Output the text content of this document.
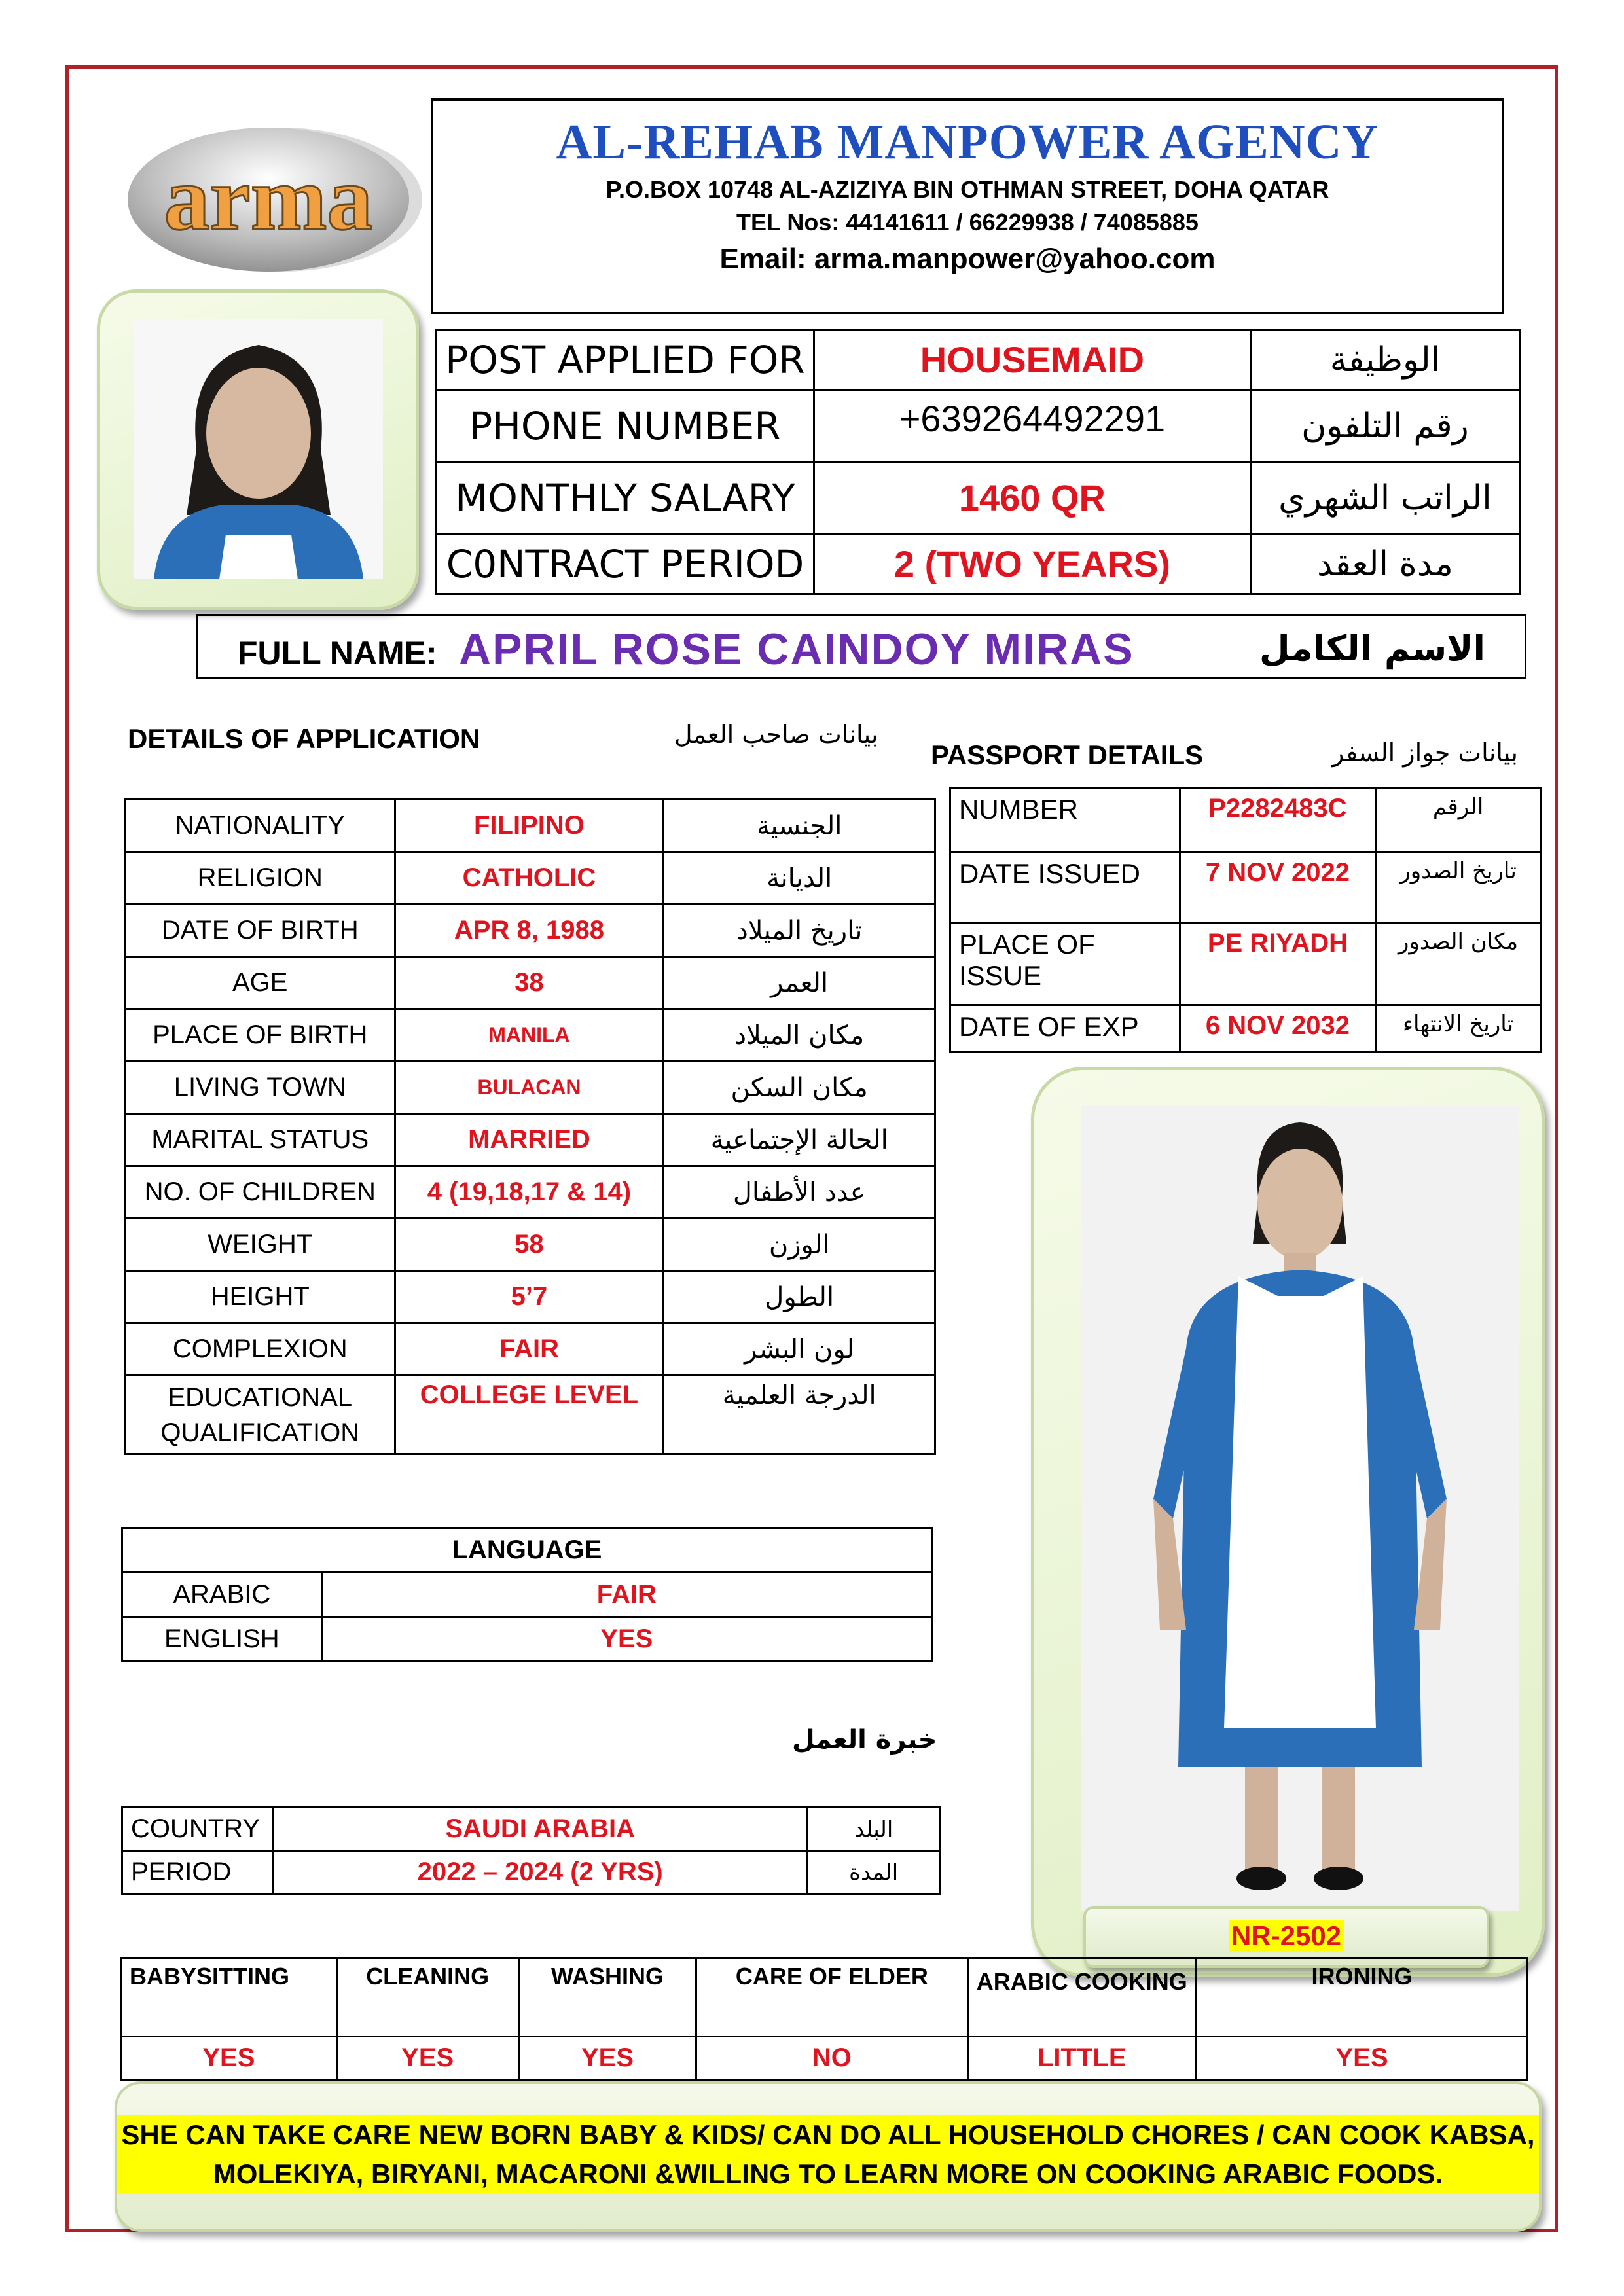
arma
AL-REHAB MANPOWER AGENCY
P.O.BOX 10748 AL-AZIZIYA BIN OTHMAN STREET, DOHA QATAR
TEL Nos: 44141611 / 66229938 / 74085885
Email: arma.manpower@yahoo.com
POST APPLIED FOR	HOUSEMAID	الوظيفة
PHONE NUMBER	+639264492291	رقم التلفون
MONTHLY SALARY	1460 QR	الراتب الشهري
C0NTRACT PERIOD	2 (TWO YEARS)	مدة العقد
FULL NAME: APRIL ROSE CAINDOY MIRAS	الاسم الكامل
DETAILS OF APPLICATION	بيانات صاحب العمل
NATIONALITY	FILIPINO	الجنسية
RELIGION	CATHOLIC	الديانة
DATE OF BIRTH	APR 8, 1988	تاريخ الميلاد
AGE	38	العمر
PLACE OF BIRTH	MANILA	مكان الميلاد
LIVING TOWN	BULACAN	مكان السكن
MARITAL STATUS	MARRIED	الحالة الإجتماعية
NO. OF CHILDREN	4 (19,18,17 & 14)	عدد الأطفال
WEIGHT	58	الوزن
HEIGHT	5’7	الطول
COMPLEXION	FAIR	لون البشر
EDUCATIONAL QUALIFICATION	COLLEGE LEVEL	الدرجة العلمية
PASSPORT DETAILS	بيانات جواز السفر
NUMBER	P2282483C	الرقم
DATE ISSUED	7 NOV 2022	تاريخ الصدور
PLACE OF ISSUE	PE RIYADH	مكان الصدور
DATE OF EXP	6 NOV 2032	تاريخ الانتهاء
NR-2502
LANGUAGE	
ARABIC	FAIR
ENGLISH	YES
خبرة العمل
COUNTRY	SAUDI ARABIA	البلد
PERIOD	2022 – 2024 (2 YRS)	المدة
BABYSITTING	CLEANING	WASHING	CARE OF ELDER	ARABIC COOKING	IRONING
YES	YES	YES	NO	LITTLE	YES
SHE CAN TAKE CARE NEW BORN BABY & KIDS/ CAN DO ALL HOUSEHOLD CHORES / CAN COOK KABSA,
MOLEKIYA, BIRYANI, MACARONI &WILLING TO LEARN MORE ON COOKING ARABIC FOODS.
